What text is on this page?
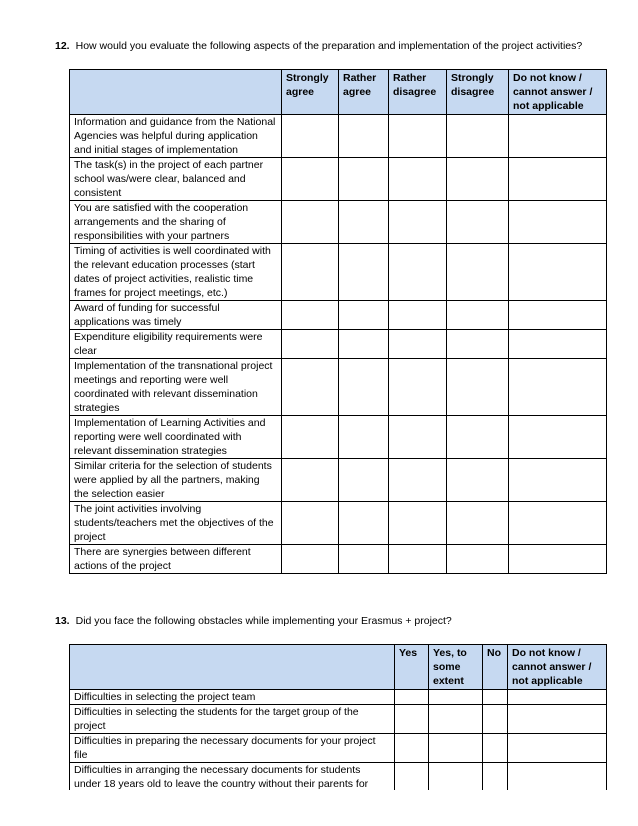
12. How would you evaluate the following aspects of the preparation and implementation of the project activities?
	Strongly agree	Rather agree	Rather disagree	Strongly disagree	Do not know / cannot answer / not applicable
Information and guidance from the National Agencies was helpful during application and initial stages of implementation					
The task(s) in the project of each partner school was/were clear, balanced and consistent					
You are satisfied with the cooperation arrangements and the sharing of responsibilities with your partners					
Timing of activities is well coordinated with the relevant education processes (start dates of project activities, realistic time frames for project meetings, etc.)					
Award of funding for successful applications was timely					
Expenditure eligibility requirements were clear					
Implementation of the transnational project meetings and reporting were well coordinated with relevant dissemination strategies					
Implementation of Learning Activities and reporting were well coordinated with relevant dissemination strategies					
Similar criteria for the selection of students were applied by all the partners, making the selection easier					
The joint activities involving students/teachers met the objectives of the project					
There are synergies between different actions of the project					
13. Did you face the following obstacles while implementing your Erasmus + project?
	Yes	Yes, to some extent	No	Do not know / cannot answer / not applicable
Difficulties in selecting the project team				
Difficulties in selecting the students for the target group of the project				
Difficulties in preparing the necessary documents for your project file				
Difficulties in arranging the necessary documents for students under 18 years old to leave the country without their parents for				
